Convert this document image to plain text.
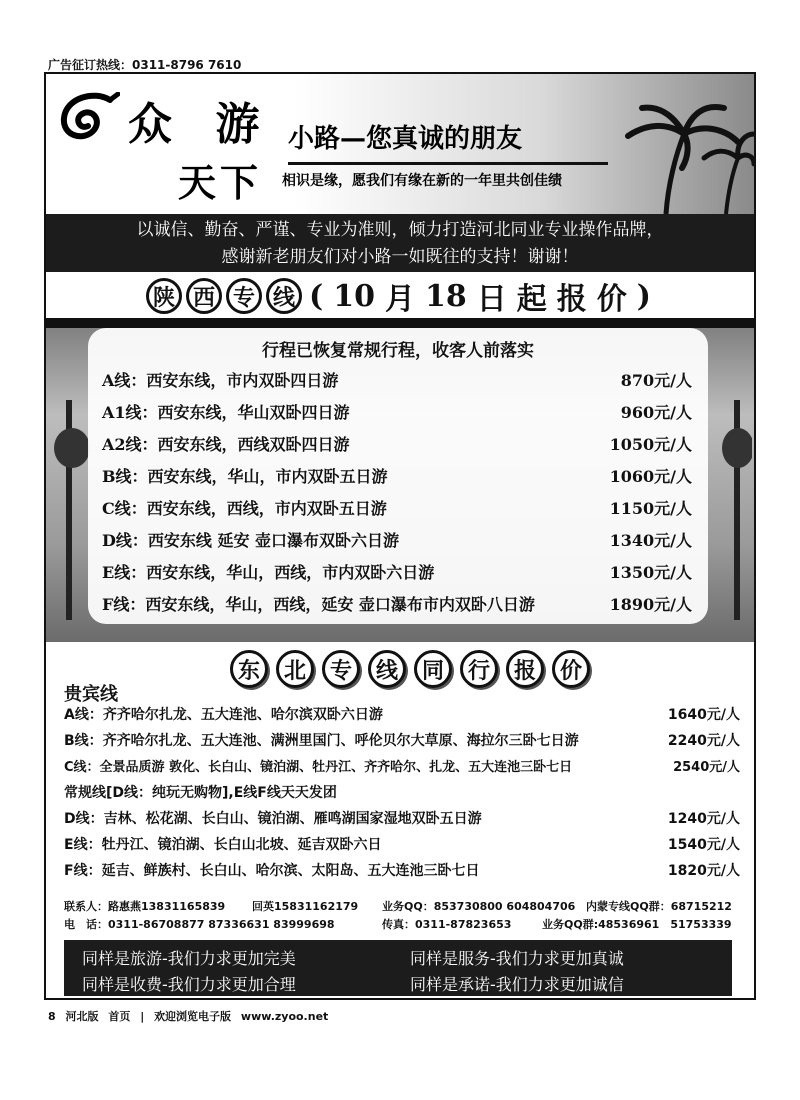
广告征订热线：0311-8796 7610
众 游 小路—您真诚的朋友
天下 相识是缘，愿我们有缘在新的一年里共创佳绩
以诚信、勤奋、严谨、专业为准则，倾力打造河北同业专业操作品牌，
感谢新老朋友们对小路一如既往的支持！谢谢！
陕 西 专 线 ( 10 月 18 日 起 报 价 )
行程已恢复常规行程，收客人前落实
A线：西安东线，市内双卧四日游	870元/人
A1线：西安东线，华山双卧四日游	960元/人
A2线：西安东线，西线双卧四日游	1050元/人
B线：西安东线，华山，市内双卧五日游	1060元/人
C线：西安东线，西线，市内双卧五日游	1150元/人
D线：西安东线 延安 壶口瀑布双卧六日游	1340元/人
E线：西安东线，华山，西线，市内双卧六日游	1350元/人
F线：西安东线，华山，西线，延安 壶口瀑布市内双卧八日游	1890元/人
东	北	专	线	同	行	报	价
贵宾线
A线：齐齐哈尔扎龙、五大连池、哈尔滨双卧六日游	1640元/人
B线：齐齐哈尔扎龙、五大连池、满洲里国门、呼伦贝尔大草原、海拉尔三卧七日游	2240元/人
C线：全景品质游 敦化、长白山、镜泊湖、牡丹江、齐齐哈尔、扎龙、五大连池三卧七日	2540元/人
常规线[D线：纯玩无购物],E线F线天天发团
D线：吉林、松花湖、长白山、镜泊湖、雁鸣湖国家湿地双卧五日游	1240元/人
E线：牡丹江、镜泊湖、长白山北坡、延吉双卧六日	1540元/人
F线：延吉、鲜族村、长白山、哈尔滨、太阳岛、五大连池三卧七日	1820元/人
联系人：路惠燕13831165839 回英15831162179 业务QQ：853730800 604804706 内蒙专线QQ群：68715212
电　话：0311-86708877 87336631 83999698	传真：0311-87823653	业务QQ群:48536961　51753339
同样是旅游-我们力求更加完美	同样是服务-我们力求更加真诚
同样是收费-我们力求更加合理	同样是承诺-我们力求更加诚信
8 河北版 首页 | 欢迎浏览电子版 www.zyoo.net
